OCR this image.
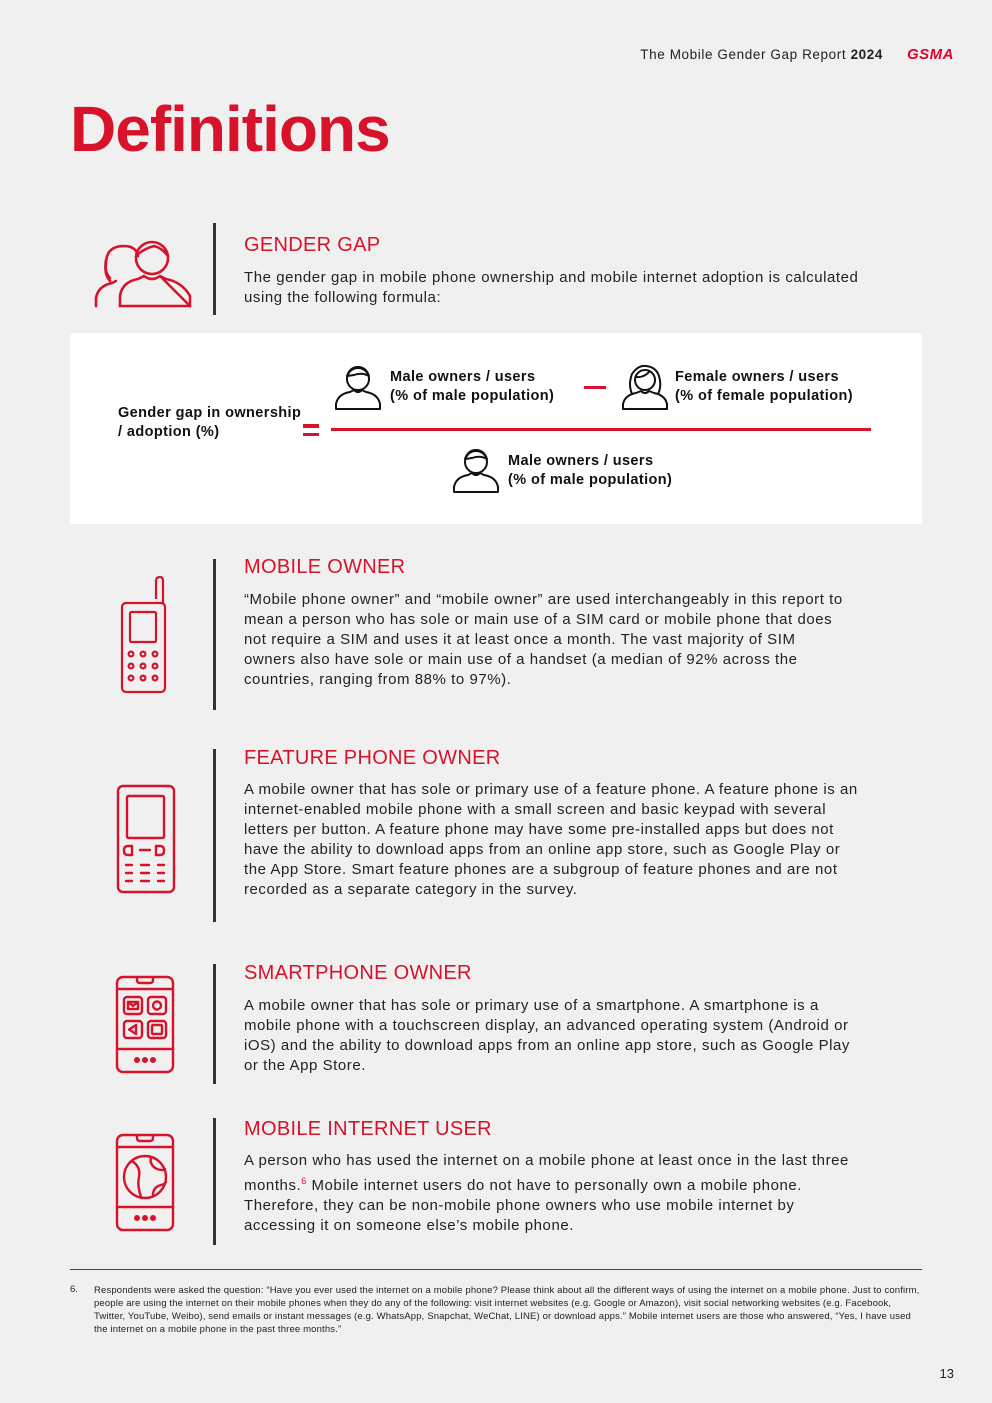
The Mobile Gender Gap Report 2024 GSMA
Definitions
GENDER GAP
The gender gap in mobile phone ownership and mobile internet adoption is calculated using the following formula:
Gender gap in ownership / adoption (%)
Male owners / users
(% of male population)
Female owners / users
(% of female population)
Male owners / users
(% of male population)
MOBILE OWNER
“Mobile phone owner” and “mobile owner” are used interchangeably in this report to mean a person who has sole or main use of a SIM card or mobile phone that does not require a SIM and uses it at least once a month. The vast majority of SIM owners also have sole or main use of a handset (a median of 92% across the countries, ranging from 88% to 97%).
FEATURE PHONE OWNER
A mobile owner that has sole or primary use of a feature phone. A feature phone is an internet-enabled mobile phone with a small screen and basic keypad with several letters per button. A feature phone may have some pre-installed apps but does not have the ability to download apps from an online app store, such as Google Play or the App Store. Smart feature phones are a subgroup of feature phones and are not recorded as a separate category in the survey.
SMARTPHONE OWNER
A mobile owner that has sole or primary use of a smartphone. A smartphone is a mobile phone with a touchscreen display, an advanced operating system (Android or iOS) and the ability to download apps from an online app store, such as Google Play or the App Store.
MOBILE INTERNET USER
A person who has used the internet on a mobile phone at least once in the last three months.$^6$ Mobile internet users do not have to personally own a mobile phone. Therefore, they can be non-mobile phone owners who use mobile internet by accessing it on someone else’s mobile phone.
6. Respondents were asked the question: “Have you ever used the internet on a mobile phone? Please think about all the different ways of using the internet on a mobile phone. Just to confirm, people are using the internet on their mobile phones when they do any of the following: visit internet websites (e.g. Google or Amazon), visit social networking websites (e.g. Facebook, Twitter, YouTube, Weibo), send emails or instant messages (e.g. WhatsApp, Snapchat, WeChat, LINE) or download apps.” Mobile internet users are those who answered, “Yes, I have used the internet on a mobile phone in the past three months.”
13
